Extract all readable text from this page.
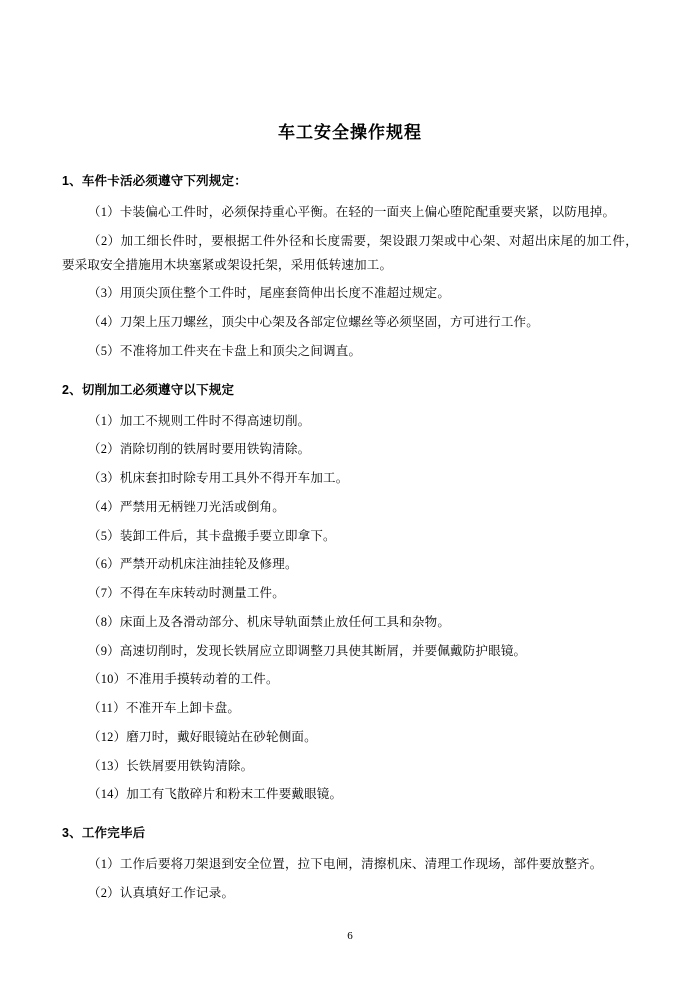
车工安全操作规程
1、车件卡活必须遵守下列规定：

（1）卡装偏心工件时，必须保持重心平衡。在轻的一面夹上偏心堕陀配重要夹紧，以防甩掉。

（2）加工细长件时，要根据工件外径和长度需要，架设跟刀架或中心架、对超出床尾的加工件，要采取安全措施用木块塞紧或架设托架，采用低转速加工。

（3）用顶尖顶住整个工件时，尾座套筒伸出长度不准超过规定。

（4）刀架上压刀螺丝，顶尖中心架及各部定位螺丝等必须坚固，方可进行工作。

（5）不准将加工件夹在卡盘上和顶尖之间调直。

2、切削加工必须遵守以下规定

（1）加工不规则工件时不得高速切削。

（2）消除切削的铁屑时要用铁钩清除。

（3）机床套扣时除专用工具外不得开车加工。

（4）严禁用无柄锉刀光活或倒角。

（5）装卸工件后，其卡盘搬手要立即拿下。

（6）严禁开动机床注油挂轮及修理。

（7）不得在车床转动时测量工件。

（8）床面上及各滑动部分、机床导轨面禁止放任何工具和杂物。

（9）高速切削时，发现长铁屑应立即调整刀具使其断屑，并要佩戴防护眼镜。

（10）不准用手摸转动着的工件。

（11）不准开车上卸卡盘。

（12）磨刀时，戴好眼镜站在砂轮侧面。

（13）长铁屑要用铁钩清除。

（14）加工有飞散碎片和粉末工件要戴眼镜。

3、工作完毕后

（1）工作后要将刀架退到安全位置，拉下电闸，清擦机床、清理工作现场，部件要放整齐。

（2）认真填好工作记录。

6
